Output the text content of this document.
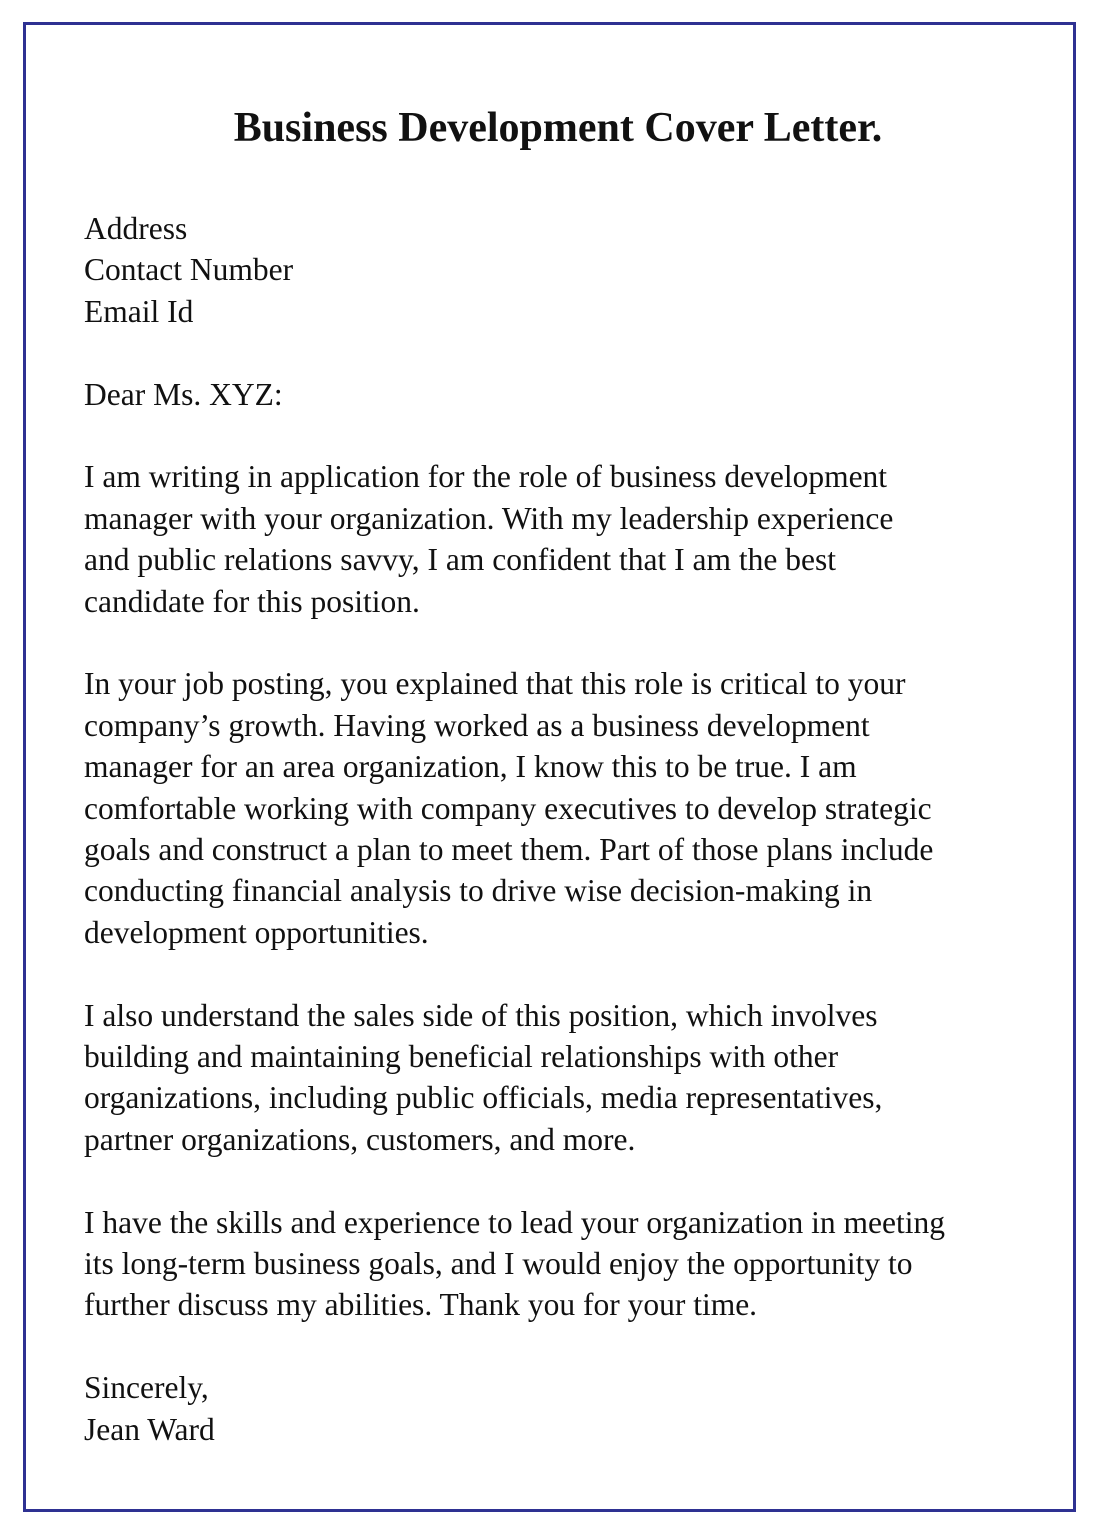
Business Development Cover Letter.
Address
Contact Number
Email Id
Dear Ms. XYZ:
I am writing in application for the role of business development
manager with your organization. With my leadership experience
and public relations savvy, I am confident that I am the best
candidate for this position.
In your job posting, you explained that this role is critical to your
company’s growth. Having worked as a business development
manager for an area organization, I know this to be true. I am
comfortable working with company executives to develop strategic
goals and construct a plan to meet them. Part of those plans include
conducting financial analysis to drive wise decision-making in
development opportunities.
I also understand the sales side of this position, which involves
building and maintaining beneficial relationships with other
organizations, including public officials, media representatives,
partner organizations, customers, and more.
I have the skills and experience to lead your organization in meeting
its long-term business goals, and I would enjoy the opportunity to
further discuss my abilities. Thank you for your time.
Sincerely,
Jean Ward
